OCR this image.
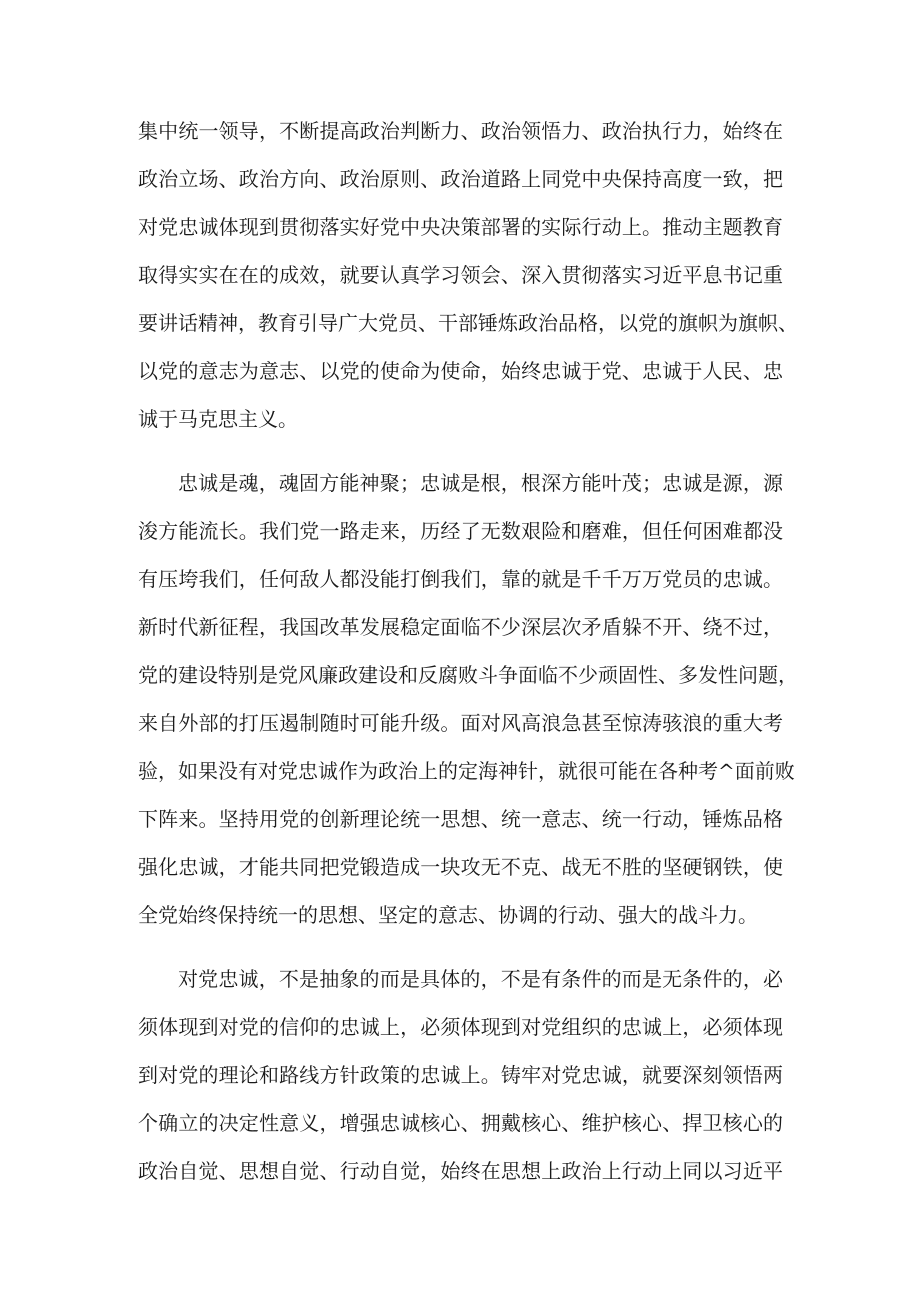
集中统一领导，不断提高政治判断力、政治领悟力、政治执行力，始终在
政治立场、政治方向、政治原则、政治道路上同党中央保持高度一致，把
对党忠诚体现到贯彻落实好党中央决策部署的实际行动上。推动主题教育
取得实实在在的成效，就要认真学习领会、深入贯彻落实习近平息书记重
要讲话精神，教育引导广大党员、干部锤炼政治品格，以党的旗帜为旗帜、
以党的意志为意志、以党的使命为使命，始终忠诚于党、忠诚于人民、忠
诚于马克思主义。
忠诚是魂，魂固方能神聚；忠诚是根，根深方能叶茂；忠诚是源，源
浚方能流长。我们党一路走来，历经了无数艰险和磨难，但任何困难都没
有压垮我们，任何敌人都没能打倒我们，靠的就是千千万万党员的忠诚。
新时代新征程，我国改革发展稳定面临不少深层次矛盾躲不开、绕不过，
党的建设特别是党风廉政建设和反腐败斗争面临不少顽固性、多发性问题，
来自外部的打压遏制随时可能升级。面对风高浪急甚至惊涛骇浪的重大考
验，如果没有对党忠诚作为政治上的定海神针，就很可能在各种考^面前败
下阵来。坚持用党的创新理论统一思想、统一意志、统一行动，锤炼品格
强化忠诚，才能共同把党锻造成一块攻无不克、战无不胜的坚硬钢铁，使
全党始终保持统一的思想、坚定的意志、协调的行动、强大的战斗力。
对党忠诚，不是抽象的而是具体的，不是有条件的而是无条件的，必
须体现到对党的信仰的忠诚上，必须体现到对党组织的忠诚上，必须体现
到对党的理论和路线方针政策的忠诚上。铸牢对党忠诚，就要深刻领悟两
个确立的决定性意义，增强忠诚核心、拥戴核心、维护核心、捍卫核心的
政治自觉、思想自觉、行动自觉，始终在思想上政治上行动上同以习近平
